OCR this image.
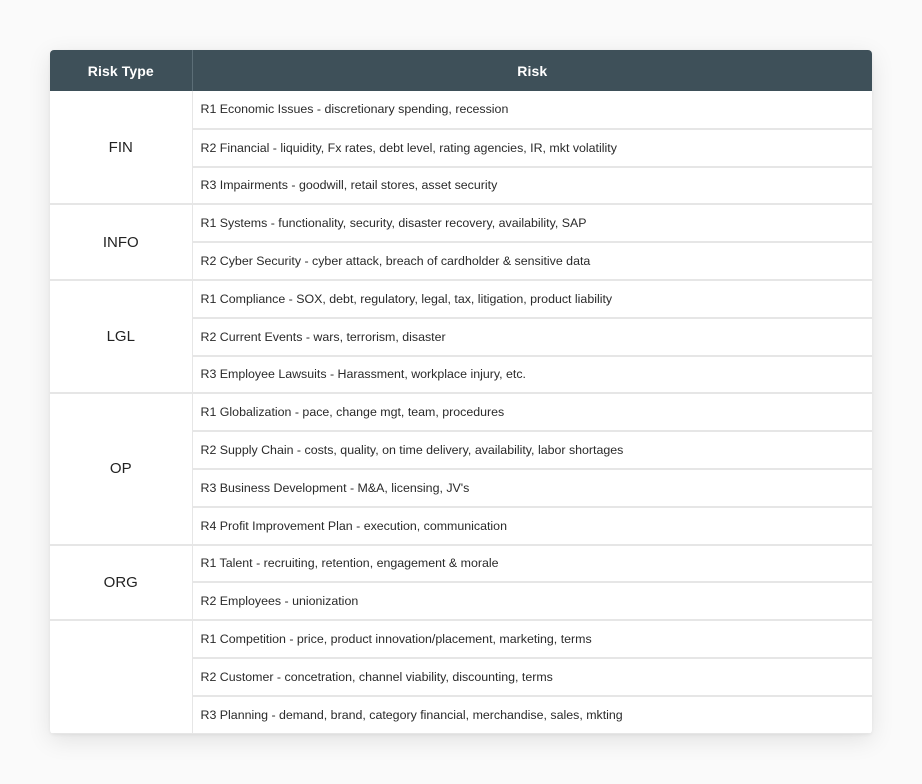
Risk Type	Risk
FIN	R1 Economic Issues - discretionary spending, recession
	R2 Financial - liquidity, Fx rates, debt level, rating agencies, IR, mkt volatility
	R3 Impairments - goodwill, retail stores, asset security
INFO	R1 Systems - functionality, security, disaster recovery, availability, SAP
	R2 Cyber Security - cyber attack, breach of cardholder & sensitive data
LGL	R1 Compliance - SOX, debt, regulatory, legal, tax, litigation, product liability
	R2 Current Events - wars, terrorism, disaster
	R3 Employee Lawsuits - Harassment, workplace injury, etc.
OP	R1 Globalization - pace, change mgt, team, procedures
	R2 Supply Chain - costs, quality, on time delivery, availability, labor shortages
	R3 Business Development - M&A, licensing, JV's
	R4 Profit Improvement Plan - execution, communication
ORG	R1 Talent - recruiting, retention, engagement & morale
	R2 Employees - unionization
	R1 Competition - price, product innovation/placement, marketing, terms
	R2 Customer - concetration, channel viability, discounting, terms
	R3 Planning - demand, brand, category financial, merchandise, sales, mkting
